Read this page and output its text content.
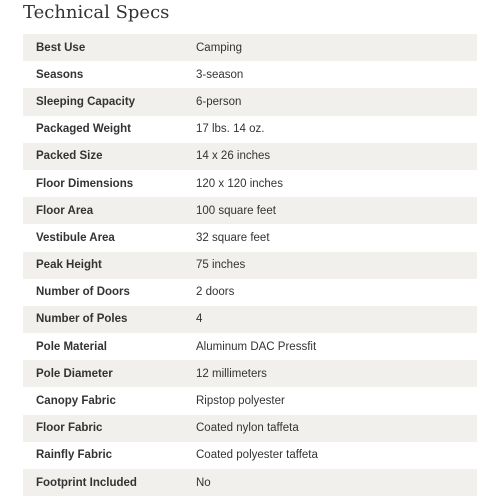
Technical Specs
Best Use	Camping
Seasons	3-season
Sleeping Capacity	6-person
Packaged Weight	17 lbs. 14 oz.
Packed Size	14 x 26 inches
Floor Dimensions	120 x 120 inches
Floor Area	100 square feet
Vestibule Area	32 square feet
Peak Height	75 inches
Number of Doors	2 doors
Number of Poles	4
Pole Material	Aluminum DAC Pressfit
Pole Diameter	12 millimeters
Canopy Fabric	Ripstop polyester
Floor Fabric	Coated nylon taffeta
Rainfly Fabric	Coated polyester taffeta
Footprint Included	No
